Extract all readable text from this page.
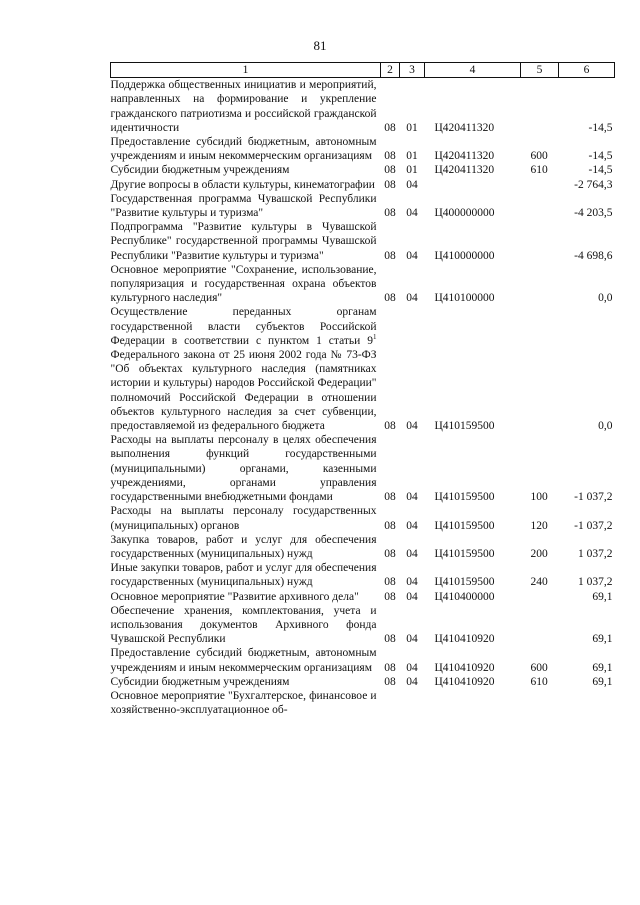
81
1	2	3	4	5	6
Поддержка общественных инициатив и мероприятий, направленных на формирование и укрепление гражданского патриотизма и российской гражданской идентичности	08	01	Ц420411320		-14,5
Предоставление субсидий бюджетным, автономным учреждениям и иным некоммерческим организациям	08	01	Ц420411320	600	-14,5
Субсидии бюджетным учреждениям	08	01	Ц420411320	610	-14,5
Другие вопросы в области культуры, кинематографии	08	04			-2 764,3
Государственная программа Чувашской Республики "Развитие культуры и туризма"	08	04	Ц400000000		-4 203,5
Подпрограмма "Развитие культуры в Чувашской Республике" государственной программы Чувашской Республики "Развитие культуры и туризма"	08	04	Ц410000000		-4 698,6
Основное мероприятие "Сохранение, использование, популяризация и государственная охрана объектов культурного наследия"	08	04	Ц410100000		0,0
Осуществление переданных органам государственной власти субъектов Российской Федерации в соответствии с пунктом 1 статьи $9^1$ Федерального закона от 25 июня 2002 года № 73-ФЗ "Об объектах культурного наследия (памятниках истории и культуры) народов Российской Федерации" полномочий Российской Федерации в отношении объектов культурного наследия за счет субвенции, предоставляемой из федерального бюджета	08	04	Ц410159500		0,0
Расходы на выплаты персоналу в целях обеспечения выполнения функций государственными (муниципальными) органами, казенными учреждениями, органами управления государственными внебюджетными фондами	08	04	Ц410159500	100	-1 037,2
Расходы на выплаты персоналу государственных (муниципальных) органов	08	04	Ц410159500	120	-1 037,2
Закупка товаров, работ и услуг для обеспечения государственных (муниципальных) нужд	08	04	Ц410159500	200	1 037,2
Иные закупки товаров, работ и услуг для обеспечения государственных (муниципальных) нужд	08	04	Ц410159500	240	1 037,2
Основное мероприятие "Развитие архивного дела"	08	04	Ц410400000		69,1
Обеспечение хранения, комплектования, учета и использования документов Архивного фонда Чувашской Республики	08	04	Ц410410920		69,1
Предоставление субсидий бюджетным, автономным учреждениям и иным некоммерческим организациям	08	04	Ц410410920	600	69,1
Субсидии бюджетным учреждениям	08	04	Ц410410920	610	69,1
Основное мероприятие "Бухгалтерское, финансовое и хозяйственно-эксплуатационное об-					
